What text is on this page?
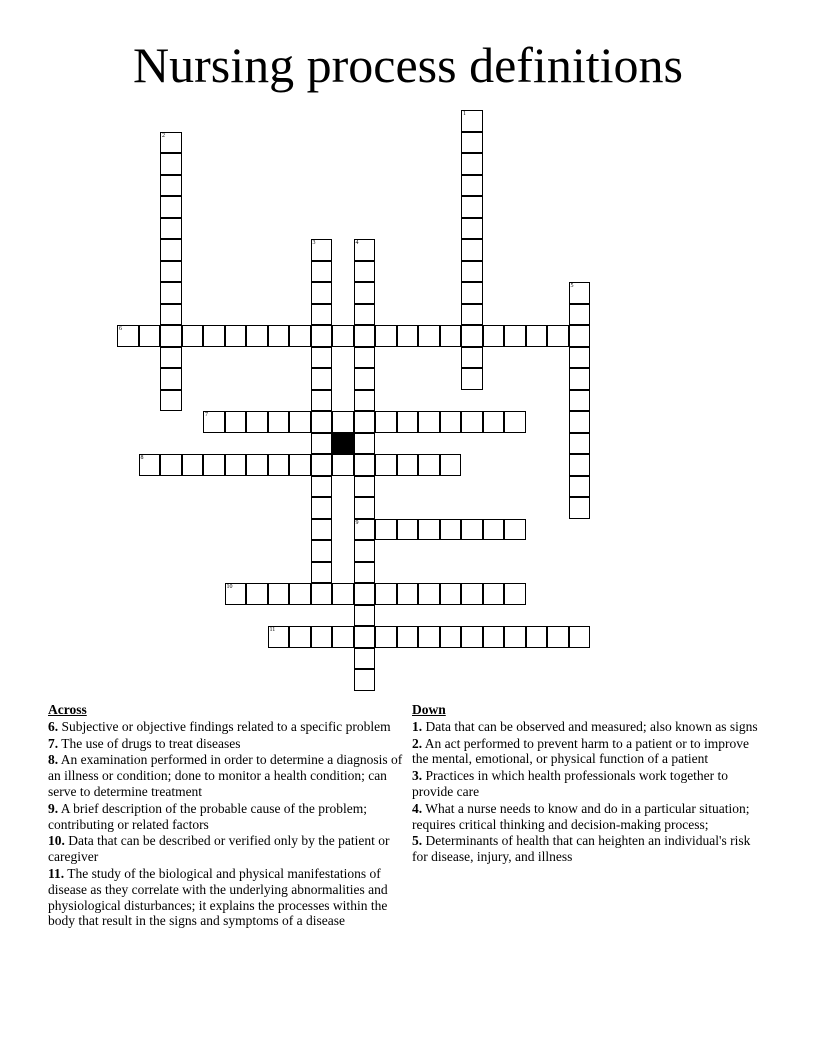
Nursing process definitions
1
2
3	4
9
5
6
7
8
10
11
Across
6. Subjective or objective findings related to a specific problem
7. The use of drugs to treat diseases
8. An examination performed in order to determine a diagnosis of an illness or condition; done to monitor a health condition; can serve to determine treatment
9. A brief description of the probable cause of the problem; contributing or related factors
10. Data that can be described or verified only by the patient or caregiver
11. The study of the biological and physical manifestations of disease as they correlate with the underlying abnormalities and physiological disturbances; it explains the processes within the body that result in the signs and symptoms of a disease
Down
1. Data that can be observed and measured; also known as signs
2. An act performed to prevent harm to a patient or to improve the mental, emotional, or physical function of a patient
3. Practices in which health professionals work together to provide care
4. What a nurse needs to know and do in a particular situation; requires critical thinking and decision-making process;
5. Determinants of health that can heighten an individual's risk for disease, injury, and illness
